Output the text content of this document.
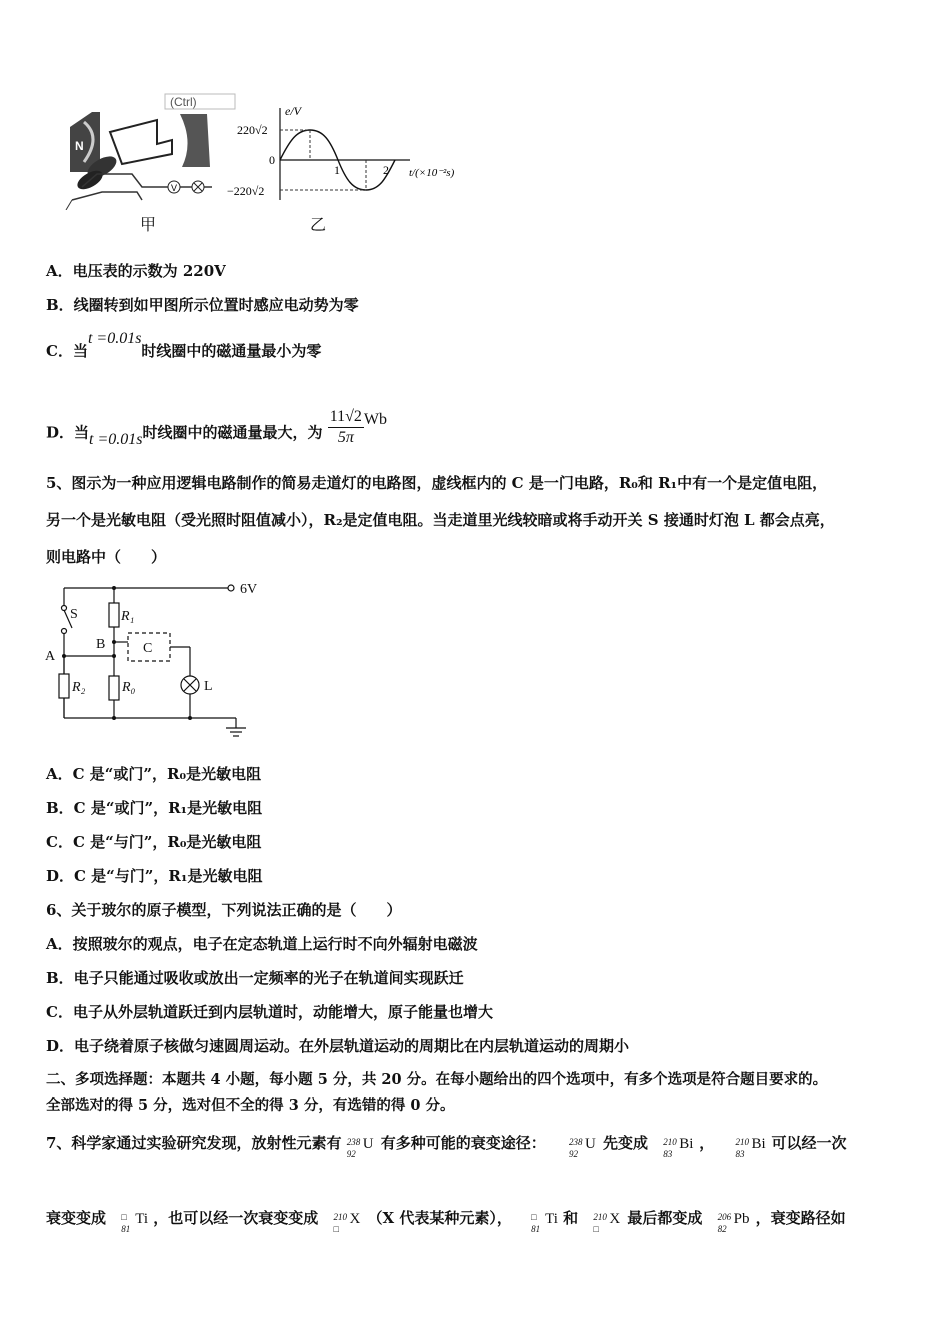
(Ctrl)
N
V
e/V
220√2
0
−220√2
1	2 t/(×10⁻²s)
甲	乙
A．电压表的示数为 220V
B．线圈转到如甲图所示位置时感应电动势为零
C．当t =0.01s时线圈中的磁通量最小为零
D．当t =0.01s时线圈中的磁通量最大，为 $\frac{11√2}{5\pi}$ Wb
5、图示为一种应用逻辑电路制作的简易走道灯的电路图，虚线框内的 C 是一门电路，R₀和 R₁中有一个是定值电阻，
另一个是光敏电阻（受光照时阻值减小），R₂是定值电阻。当走道里光线较暗或将手动开关 S 接通时灯泡 L 都会点亮，
则电路中（　　）
6V
S	R₁
B	C
A
R₂	R₀	L
A．C 是“或门”，R₀是光敏电阻
B．C 是“或门”，R₁是光敏电阻
C．C 是“与门”，R₀是光敏电阻
D．C 是“与门”，R₁是光敏电阻
6、关于玻尔的原子模型，下列说法正确的是（　　）
A．按照玻尔的观点，电子在定态轨道上运行时不向外辐射电磁波
B．电子只能通过吸收或放出一定频率的光子在轨道间实现跃迁
C．电子从外层轨道跃迁到内层轨道时，动能增大，原子能量也增大
D．电子绕着原子核做匀速圆周运动。在外层轨道运动的周期比在内层轨道运动的周期小
二、多项选择题：本题共 4 小题，每小题 5 分，共 20 分。在每小题给出的四个选项中，有多个选项是符合题目要求的。
全部选对的得 5 分，选对但不全的得 3 分，有选错的得 0 分。
7、科学家通过实验研究发现，放射性元素有 238
92
U 有多种可能的衰变途径：	238
92
U 先变成 210
83
Bi ， 210
83
Bi 可以经一次
衰变变成 □
81
Ti ，也可以经一次衰变变成 210
□
X （X 代表某种元素）， □
81
Ti 和 210
□
X 最后都变成 206
82
Pb ，衰变路径如
